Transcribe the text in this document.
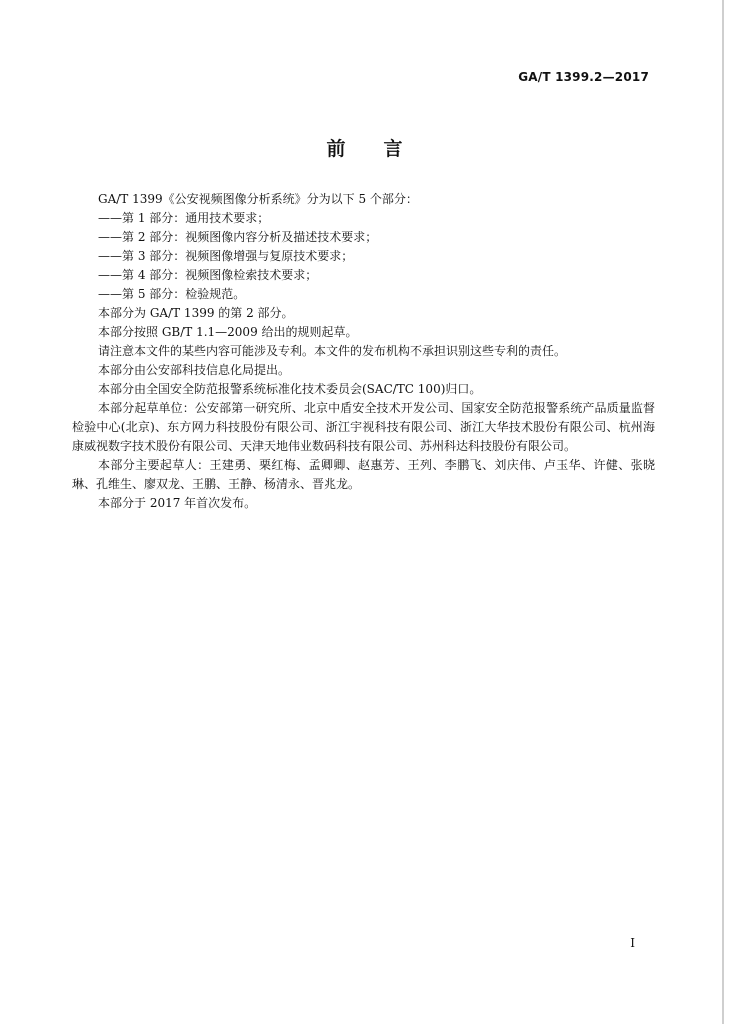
GA/T 1399.2—2017
前言

GA/T 1399《公安视频图像分析系统》分为以下 5 个部分：

——第 1 部分：通用技术要求；

——第 2 部分：视频图像内容分析及描述技术要求；

——第 3 部分：视频图像增强与复原技术要求；

——第 4 部分：视频图像检索技术要求；

——第 5 部分：检验规范。

本部分为 GA/T 1399 的第 2 部分。

本部分按照 GB/T 1.1—2009 给出的规则起草。

请注意本文件的某些内容可能涉及专利。本文件的发布机构不承担识别这些专利的责任。

本部分由公安部科技信息化局提出。

本部分由全国安全防范报警系统标准化技术委员会(SAC/TC 100)归口。

本部分起草单位：公安部第一研究所、北京中盾安全技术开发公司、国家安全防范报警系统产品质量监督检验中心(北京)、东方网力科技股份有限公司、浙江宇视科技有限公司、浙江大华技术股份有限公司、杭州海康威视数字技术股份有限公司、天津天地伟业数码科技有限公司、苏州科达科技股份有限公司。

本部分主要起草人：王建勇、栗红梅、孟卿卿、赵惠芳、王列、李鹏飞、刘庆伟、卢玉华、许健、张晓琳、孔维生、廖双龙、王鹏、王静、杨清永、晋兆龙。

本部分于 2017 年首次发布。

I
